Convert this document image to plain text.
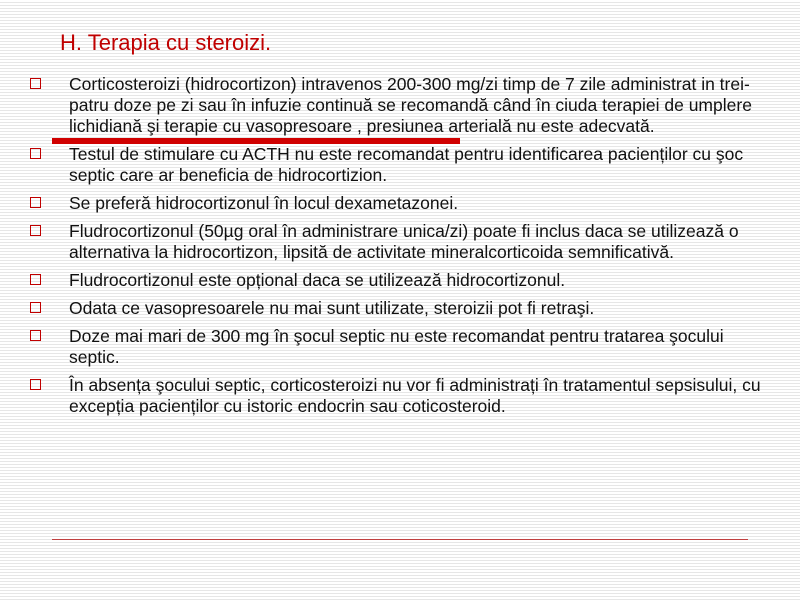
H. Terapia cu steroizi.
Corticosteroizi (hidrocortizon) intravenos 200-300 mg/zi timp de 7 zile administrat in trei-patru doze pe zi sau în infuzie continuă se recomandă când în ciuda terapiei de umplere lichidiană şi terapie cu vasopresoare , presiunea arterială nu este adecvată.
Testul de stimulare cu ACTH nu este recomandat pentru identificarea pacienților cu şoc septic care ar beneficia de hidrocortizion.
Se preferă hidrocortizonul în locul dexametazonei.
Fludrocortizonul (50µg oral în administrare unica/zi) poate fi inclus daca se utilizează o alternativa la hidrocortizon, lipsită de activitate mineralcorticoida semnificativă.
Fludrocortizonul este opțional daca se utilizează hidrocortizonul.
Odata ce vasopresoarele nu mai sunt utilizate, steroizii pot fi retraşi.
Doze mai mari de 300 mg în şocul septic nu este recomandat pentru tratarea şocului septic.
În absența şocului septic, corticosteroizi nu vor fi administrați în tratamentul sepsisului, cu excepția pacienților cu istoric endocrin sau coticosteroid.
